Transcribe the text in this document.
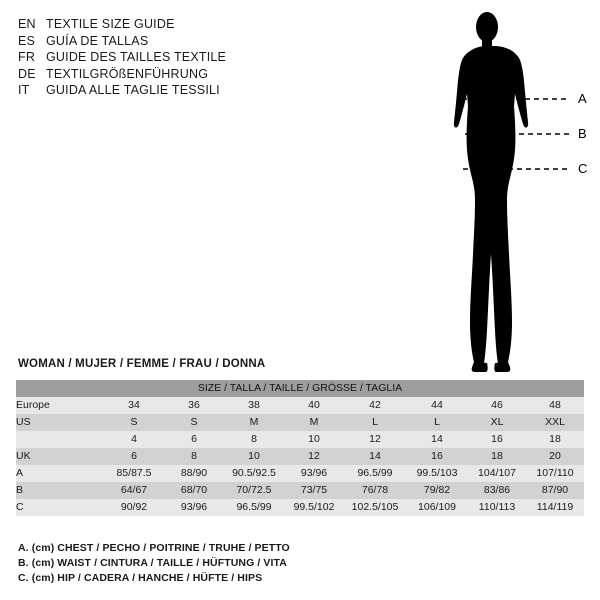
EN TEXTILE SIZE GUIDE
ES GUÍA DE TALLAS
FR GUIDE DES TAILLES TEXTILE
DE TEXTILGRÖßENFÜHRUNG
IT	GUIDA ALLE TAGLIE TESSILI
A
B
C
WOMAN / MUJER / FEMME / FRAU / DONNA
SIZE / TALLA / TAILLE / GRÖSSE / TAGLIA								
Europe	34	36	38	40	42	44	46	48
US	S	S	M	M	L	L	XL	XXL
	4	6	8	10	12	14	16	18
UK	6	8	10	12	14	16	18	20
A	85/87.5	88/90	90.5/92.5	93/96	96.5/99	99.5/103	104/107	107/110
B	64/67	68/70	70/72.5	73/75	76/78	79/82	83/86	87/90
C	90/92	93/96	96.5/99	99.5/102	102.5/105	106/109	110/113	114/119
A. (cm) CHEST / PECHO / POITRINE / TRUHE / PETTO
B. (cm) WAIST / CINTURA / TAILLE / HÜFTUNG / VITA
C. (cm) HIP / CADERA / HANCHE / HÜFTE / HIPS
